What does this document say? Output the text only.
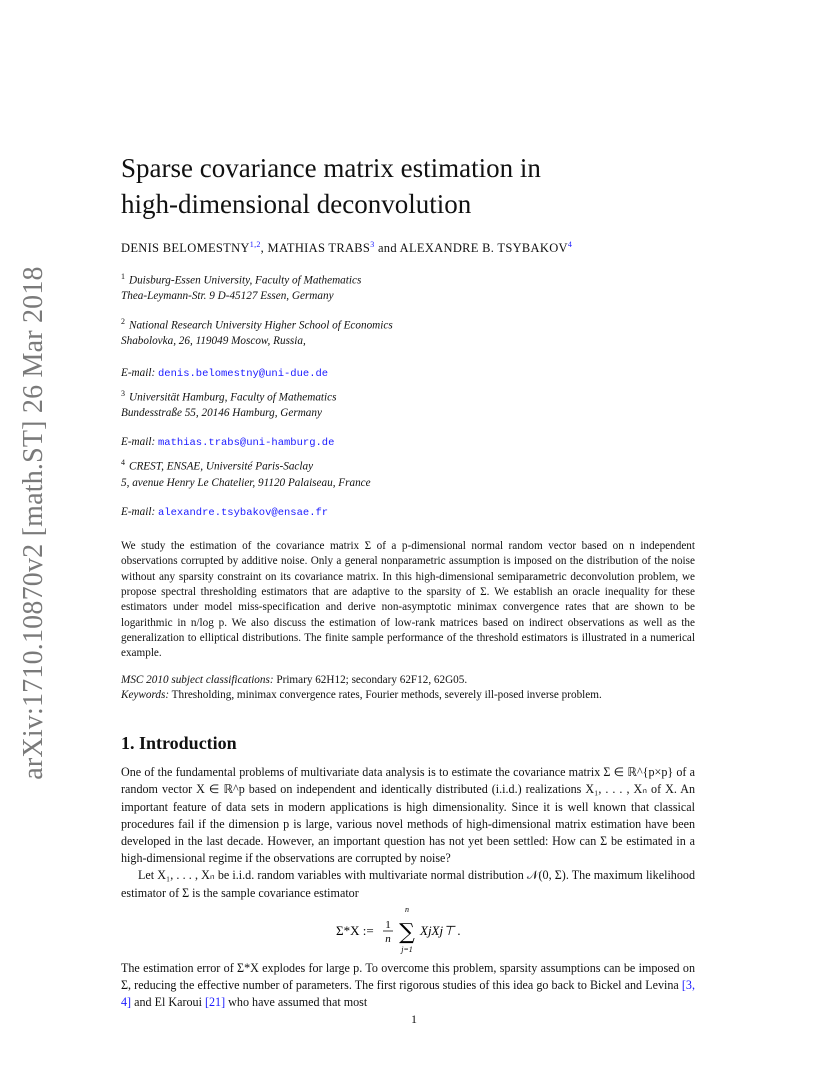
arXiv:1710.10870v2 [math.ST] 26 Mar 2018
Sparse covariance matrix estimation in
high-dimensional deconvolution
DENIS BELOMESTNY$^{1,2}$, MATHIAS TRABS$^3$ and ALEXANDRE B. TSYBAKOV$^4$
$^1$ Duisburg-Essen University, Faculty of Mathematics
Thea-Leymann-Str. 9 D-45127 Essen, Germany
$^2$ National Research University Higher School of Economics
Shabolovka, 26, 119049 Moscow, Russia,
E-mail: denis.belomestny@uni-due.de
$^3$ Universität Hamburg, Faculty of Mathematics
Bundesstraße 55, 20146 Hamburg, Germany
E-mail: mathias.trabs@uni-hamburg.de
$^4$ CREST, ENSAE, Université Paris-Saclay
5, avenue Henry Le Chatelier, 91120 Palaiseau, France
E-mail: alexandre.tsybakov@ensae.fr

We study the estimation of the covariance matrix Σ of a p-dimensional normal random vector based on n independent observations corrupted by additive noise. Only a general nonparametric assumption is imposed on the distribution of the noise without any sparsity constraint on its covariance matrix. In this high-dimensional semiparametric deconvolution problem, we propose spectral thresholding estimators that are adaptive to the sparsity of Σ. We establish an oracle inequality for these estimators under model miss-specification and derive non-asymptotic minimax convergence rates that are shown to be logarithmic in n/log p. We also discuss the estimation of low-rank matrices based on indirect observations as well as the generalization to elliptical distributions. The finite sample performance of the threshold estimators is illustrated in a numerical example.

MSC 2010 subject classifications: Primary 62H12; secondary 62F12, 62G05.
Keywords: Thresholding, minimax convergence rates, Fourier methods, severely ill-posed inverse problem.
1. Introduction

One of the fundamental problems of multivariate data analysis is to estimate the covariance matrix Σ ∈ ℝ^{p×p} of a random vector X ∈ ℝ^p based on independent and identically distributed (i.i.d.) realizations X₁, . . . , Xₙ of X. An important feature of data sets in modern applications is high dimensionality. Since it is well known that classical procedures fail if the dimension p is large, various novel methods of high-dimensional matrix estimation have been developed in the last decade. However, an important question has not yet been settled: How can Σ be estimated in a high-dimensional regime if the observations are corrupted by noise?

Let X₁, . . . , Xₙ be i.i.d. random variables with multivariate normal distribution 𝒩(0, Σ). The maximum likelihood estimator of Σ is the sample covariance estimator

Σ*X := 1
n
n
∑
j=1
XjXj⊤ .

The estimation error of Σ*X explodes for large p. To overcome this problem, sparsity assumptions can be imposed on Σ, reducing the effective number of parameters. The first rigorous studies of this idea go back to Bickel and Levina [3, 4] and El Karoui [21] who have assumed that most

1
